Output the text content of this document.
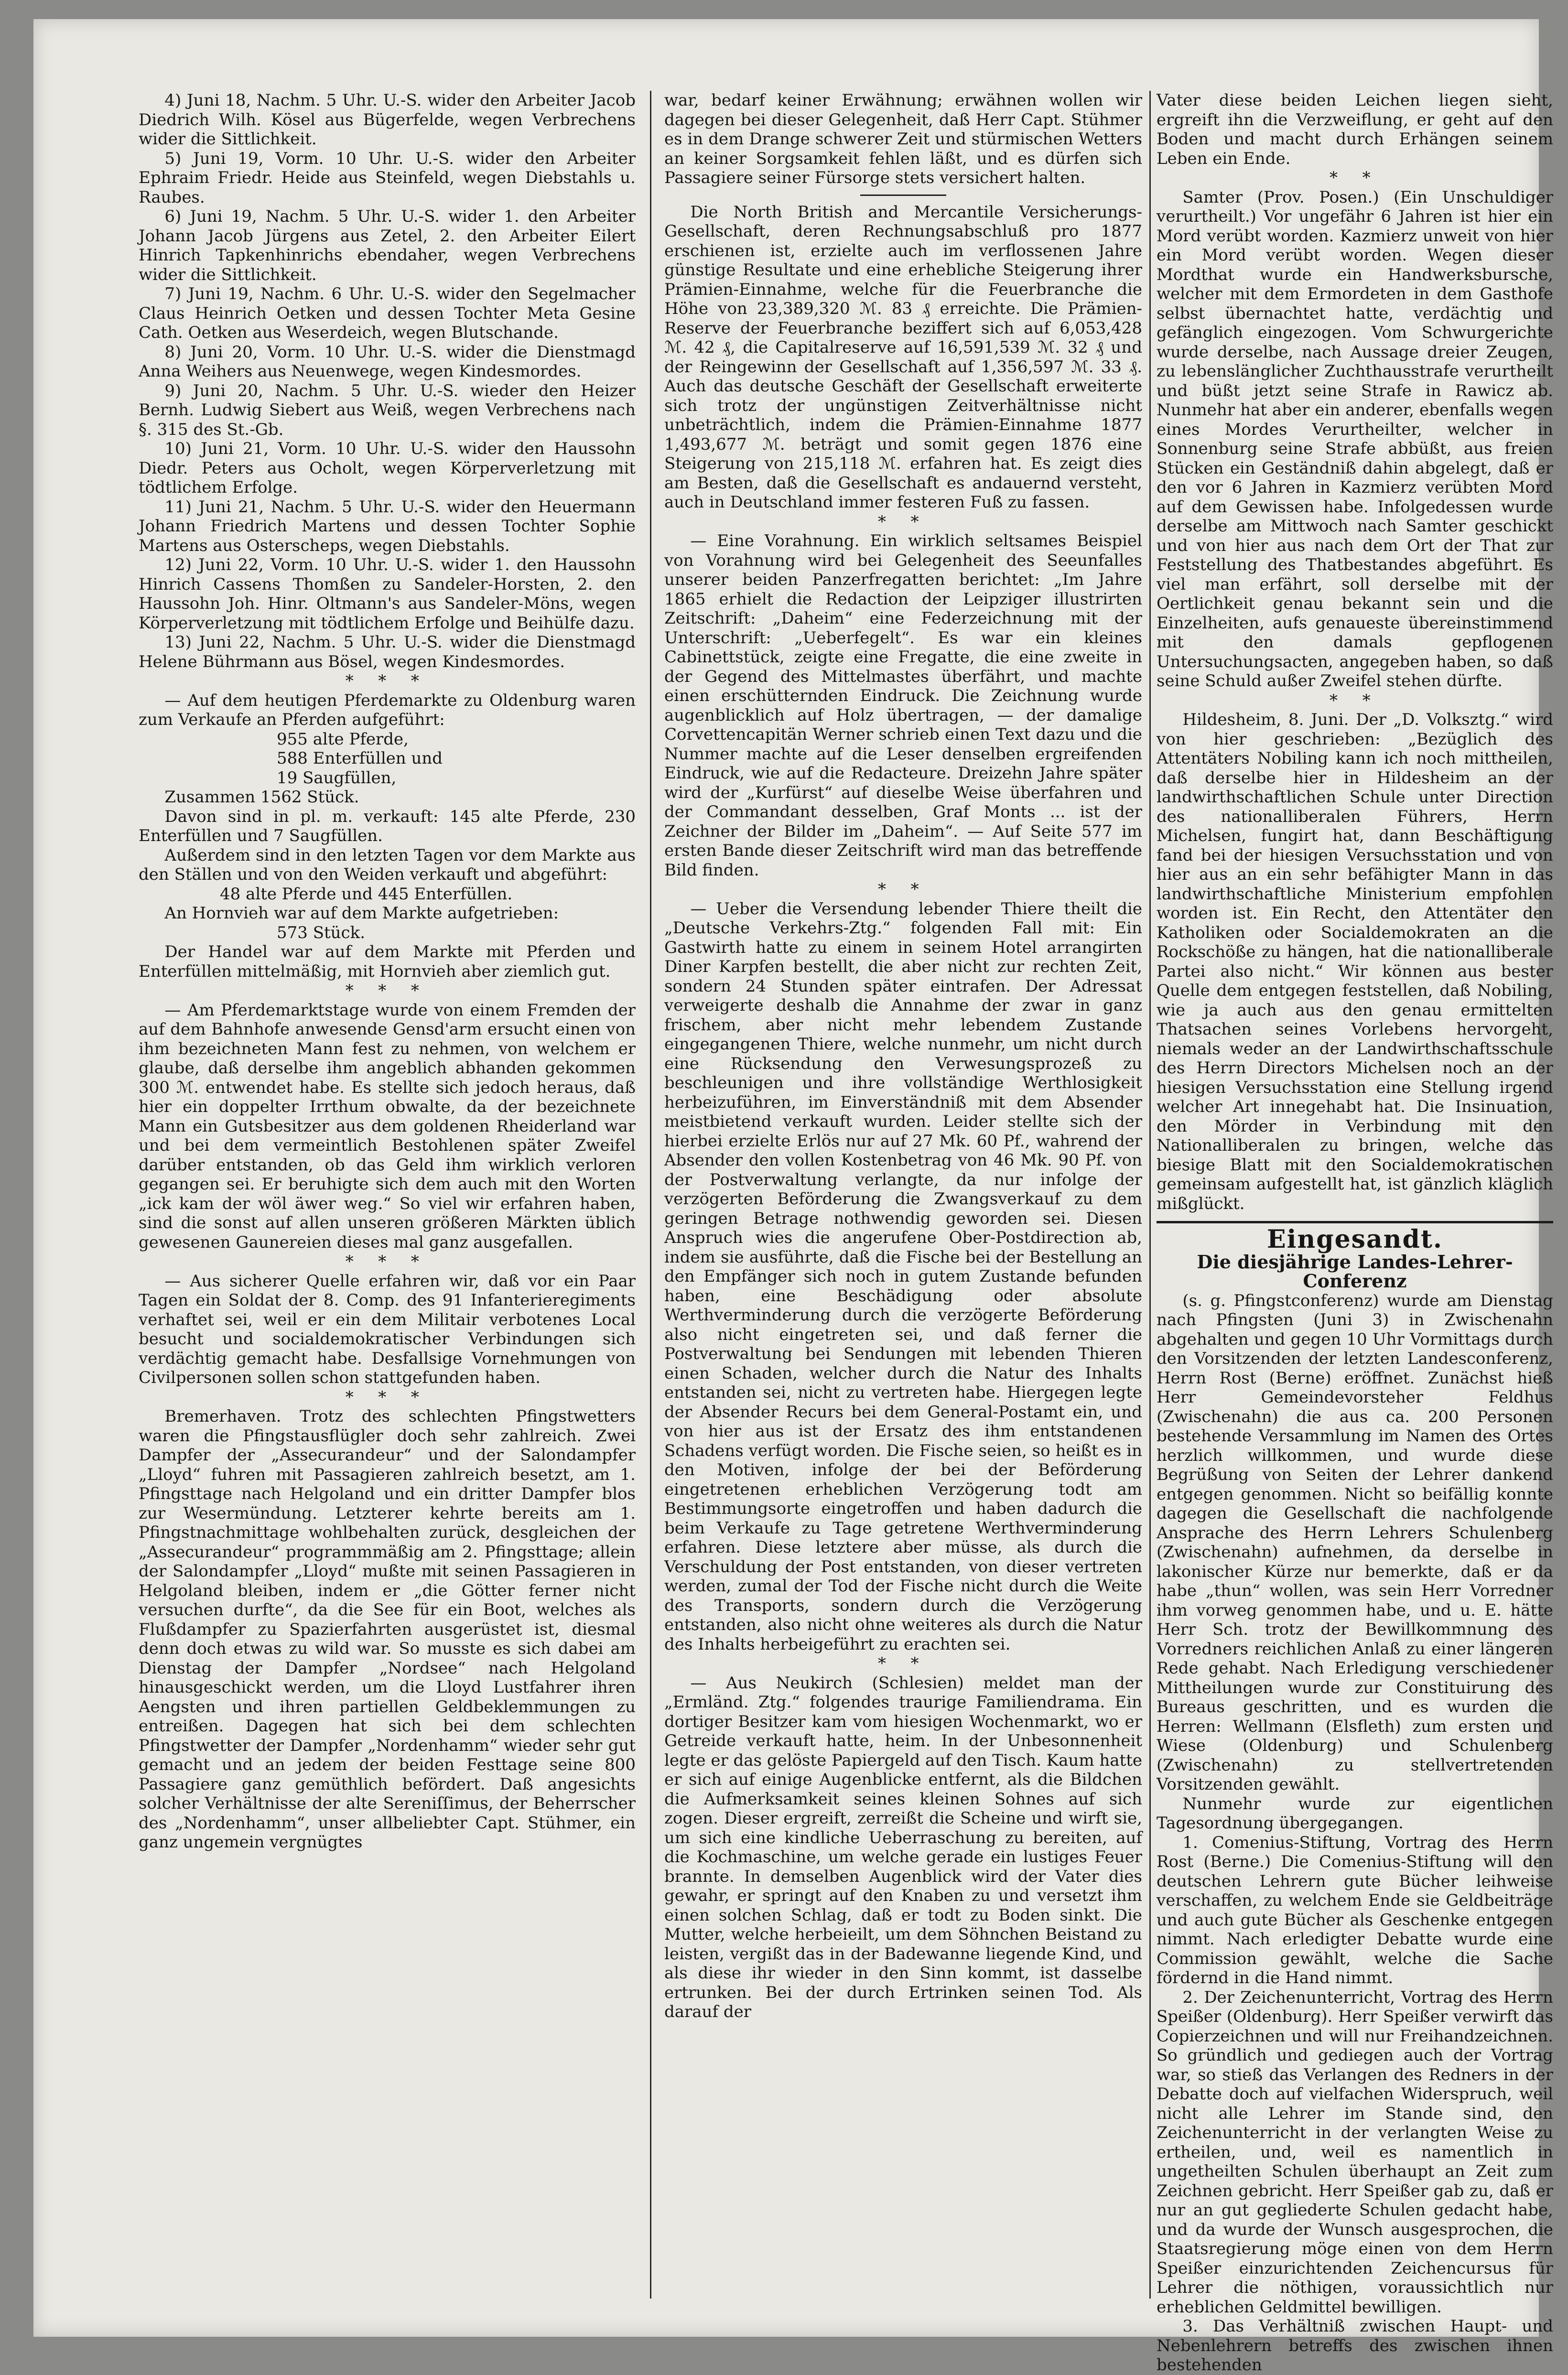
4) Juni 18, Nachm. 5 Uhr. U.-S. wider den Arbeiter Jacob Diedrich Wilh. Kösel aus Bügerfelde, wegen Verbrechens wider die Sittlichkeit.

5) Juni 19, Vorm. 10 Uhr. U.-S. wider den Arbeiter Ephraim Friedr. Heide aus Steinfeld, wegen Diebstahls u. Raubes.

6) Juni 19, Nachm. 5 Uhr. U.-S. wider 1. den Arbeiter Johann Jacob Jürgens aus Zetel, 2. den Arbeiter Eilert Hinrich Tapkenhinrichs ebendaher, wegen Verbrechens wider die Sittlichkeit.

7) Juni 19, Nachm. 6 Uhr. U.-S. wider den Segelmacher Claus Heinrich Oetken und dessen Tochter Meta Gesine Cath. Oetken aus Weserdeich, wegen Blutschande.

8) Juni 20, Vorm. 10 Uhr. U.-S. wider die Dienstmagd Anna Weihers aus Neuenwege, wegen Kindesmordes.

9) Juni 20, Nachm. 5 Uhr. U.-S. wieder den Heizer Bernh. Ludwig Siebert aus Weiß, wegen Verbrechens nach §. 315 des St.-Gb.

10) Juni 21, Vorm. 10 Uhr. U.-S. wider den Haussohn Diedr. Peters aus Ocholt, wegen Körperverletzung mit tödtlichem Erfolge.

11) Juni 21, Nachm. 5 Uhr. U.-S. wider den Heuermann Johann Friedrich Martens und dessen Tochter Sophie Martens aus Osterscheps, wegen Diebstahls.

12) Juni 22, Vorm. 10 Uhr. U.-S. wider 1. den Haussohn Hinrich Cassens Thomßen zu Sandeler-Horsten, 2. den Haussohn Joh. Hinr. Oltmann's aus Sandeler-Möns, wegen Körperverletzung mit tödtlichem Erfolge und Beihülfe dazu.

13) Juni 22, Nachm. 5 Uhr. U.-S. wider die Dienstmagd Helene Bührmann aus Bösel, wegen Kindesmordes.

* * *

— Auf dem heutigen Pferdemarkte zu Oldenburg waren zum Verkaufe an Pferden aufgeführt:

955 alte Pferde,

588 Enterfüllen und

19 Saugfüllen,

Zusammen 1562 Stück.

Davon sind in pl. m. verkauft: 145 alte Pferde, 230 Enterfüllen und 7 Saugfüllen.

Außerdem sind in den letzten Tagen vor dem Markte aus den Ställen und von den Weiden verkauft und abgeführt:

48 alte Pferde und 445 Enterfüllen.

An Hornvieh war auf dem Markte aufgetrieben:

573 Stück.

Der Handel war auf dem Markte mit Pferden und Enterfüllen mittelmäßig, mit Hornvieh aber ziemlich gut.

* * *

— Am Pferdemarktstage wurde von einem Fremden der auf dem Bahnhofe anwesende Gensd'arm ersucht einen von ihm bezeichneten Mann fest zu nehmen, von welchem er glaube, daß derselbe ihm angeblich abhanden gekommen 300 ℳ. entwendet habe. Es stellte sich jedoch heraus, daß hier ein doppelter Irrthum obwalte, da der bezeichnete Mann ein Gutsbesitzer aus dem goldenen Rheiderland war und bei dem vermeintlich Bestohlenen später Zweifel darüber entstanden, ob das Geld ihm wirklich verloren gegangen sei. Er beruhigte sich dem auch mit den Worten „ick kam der wöl äwer weg.“ So viel wir erfahren haben, sind die sonst auf allen unseren größeren Märkten üblich gewesenen Gaunereien dieses mal ganz ausgefallen.

* * *

— Aus sicherer Quelle erfahren wir, daß vor ein Paar Tagen ein Soldat der 8. Comp. des 91 Infanterieregiments verhaftet sei, weil er ein dem Militair verbotenes Local besucht und socialdemokratischer Verbindungen sich verdächtig gemacht habe. Desfallsige Vornehmungen von Civilpersonen sollen schon stattgefunden haben.

* * *

Bremerhaven. Trotz des schlechten Pfingstwetters waren die Pfingstausflügler doch sehr zahlreich. Zwei Dampfer der „Assecurandeur“ und der Salondampfer „Lloyd“ fuhren mit Passagieren zahlreich besetzt, am 1. Pfingsttage nach Helgoland und ein dritter Dampfer blos zur Wesermündung. Letzterer kehrte bereits am 1. Pfingstnachmittage wohlbehalten zurück, desgleichen der „Assecurandeur“ programmmäßig am 2. Pfingsttage; allein der Salondampfer „Lloyd“ mußte mit seinen Passagieren in Helgoland bleiben, indem er „die Götter ferner nicht versuchen durfte“, da die See für ein Boot, welches als Flußdampfer zu Spazierfahrten ausgerüstet ist, diesmal denn doch etwas zu wild war. So musste es sich dabei am Dienstag der Dampfer „Nordsee“ nach Helgoland hinausgeschickt werden, um die Lloyd Lustfahrer ihren Aengsten und ihren partiellen Geldbeklemmungen zu entreißen. Dagegen hat sich bei dem schlechten Pfingstwetter der Dampfer „Nordenhamm“ wieder sehr gut gemacht und an jedem der beiden Festtage seine 800 Passagiere ganz gemüthlich befördert. Daß angesichts solcher Verhältnisse der alte Sereniſſimus, der Beherrscher des „Nordenhamm“, unser allbeliebter Capt. Stühmer, ein ganz ungemein vergnügtes

war, bedarf keiner Erwähnung; erwähnen wollen wir dagegen bei dieser Gelegenheit, daß Herr Capt. Stühmer es in dem Drange schwerer Zeit und stürmischen Wetters an keiner Sorgsamkeit fehlen läßt, und es dürfen sich Passagiere seiner Fürsorge stets versichert halten.

Die North British and Mercantile Versicherungs-Gesellschaft, deren Rechnungsabschluß pro 1877 erschienen ist, erzielte auch im verflossenen Jahre günstige Resultate und eine erhebliche Steigerung ihrer Prämien-Einnahme, welche für die Feuerbranche die Höhe von 23,389,320 ℳ. 83 ₰ erreichte. Die Prämien-Reserve der Feuerbranche beziffert sich auf 6,053,428 ℳ. 42 ₰, die Capitalreserve auf 16,591,539 ℳ. 32 ₰ und der Reingewinn der Gesellschaft auf 1,356,597 ℳ. 33 ₰. Auch das deutsche Geschäft der Gesellschaft erweiterte sich trotz der ungünstigen Zeitverhältnisse nicht unbeträchtlich, indem die Prämien-Einnahme 1877 1,493,677 ℳ. beträgt und somit gegen 1876 eine Steigerung von 215,118 ℳ. erfahren hat. Es zeigt dies am Besten, daß die Gesellschaft es andauernd versteht, auch in Deutschland immer festeren Fuß zu fassen.

* *

— Eine Vorahnung. Ein wirklich seltsames Beispiel von Vorahnung wird bei Gelegenheit des Seeunfalles unserer beiden Panzerfregatten berichtet: „Im Jahre 1865 erhielt die Redaction der Leipziger illustrirten Zeitschrift: „Daheim“ eine Federzeichnung mit der Unterschrift: „Ueberfegelt“. Es war ein kleines Cabinettstück, zeigte eine Fregatte, die eine zweite in der Gegend des Mittelmastes überfährt, und machte einen erschütternden Eindruck. Die Zeichnung wurde augenblicklich auf Holz übertragen, — der damalige Corvettencapitän Werner schrieb einen Text dazu und die Nummer machte auf die Leser denselben ergreifenden Eindruck, wie auf die Redacteure. Dreizehn Jahre später wird der „Kurfürst“ auf dieselbe Weise überfahren und der Commandant desselben, Graf Monts ... ist der Zeichner der Bilder im „Daheim“. — Auf Seite 577 im ersten Bande dieser Zeitschrift wird man das betreffende Bild finden.

* *

— Ueber die Versendung lebender Thiere theilt die „Deutsche Verkehrs-Ztg.“ folgenden Fall mit: Ein Gastwirth hatte zu einem in seinem Hotel arrangirten Diner Karpfen bestellt, die aber nicht zur rechten Zeit, sondern 24 Stunden später eintrafen. Der Adressat verweigerte deshalb die Annahme der zwar in ganz frischem, aber nicht mehr lebendem Zustande eingegangenen Thiere, welche nunmehr, um nicht durch eine Rücksendung den Verwesungsprozeß zu beschleunigen und ihre vollständige Werthlosigkeit herbeizuführen, im Einverständniß mit dem Absender meistbietend verkauft wurden. Leider stellte sich der hierbei erzielte Erlös nur auf 27 Mk. 60 Pf., wahrend der Absender den vollen Kostenbetrag von 46 Mk. 90 Pf. von der Postverwaltung verlangte, da nur infolge der verzögerten Beförderung die Zwangsverkauf zu dem geringen Betrage nothwendig geworden sei. Diesen Anspruch wies die angerufene Ober-Postdirection ab, indem sie ausführte, daß die Fische bei der Bestellung an den Empfänger sich noch in gutem Zustande befunden haben, eine Beschädigung oder absolute Werthverminderung durch die verzögerte Beförderung also nicht eingetreten sei, und daß ferner die Postverwaltung bei Sendungen mit lebenden Thieren einen Schaden, welcher durch die Natur des Inhalts entstanden sei, nicht zu vertreten habe. Hiergegen legte der Absender Recurs bei dem General-Postamt ein, und von hier aus ist der Ersatz des ihm entstandenen Schadens verfügt worden. Die Fische seien, so heißt es in den Motiven, infolge der bei der Beförderung eingetretenen erheblichen Verzögerung todt am Bestimmungsorte eingetroffen und haben dadurch die beim Verkaufe zu Tage getretene Werthverminderung erfahren. Diese letztere aber müsse, als durch die Verschuldung der Post entstanden, von dieser vertreten werden, zumal der Tod der Fische nicht durch die Weite des Transports, sondern durch die Verzögerung entstanden, also nicht ohne weiteres als durch die Natur des Inhalts herbeigeführt zu erachten sei.

* *

— Aus Neukirch (Schlesien) meldet man der „Ermländ. Ztg.“ folgendes traurige Familiendrama. Ein dortiger Besitzer kam vom hiesigen Wochenmarkt, wo er Getreide verkauft hatte, heim. In der Unbesonnenheit legte er das gelöste Papiergeld auf den Tisch. Kaum hatte er sich auf einige Augenblicke entfernt, als die Bildchen die Aufmerksamkeit seines kleinen Sohnes auf sich zogen. Dieser ergreift, zerreißt die Scheine und wirft sie, um sich eine kindliche Ueberraschung zu bereiten, auf die Kochmaschine, um welche gerade ein lustiges Feuer brannte. In demselben Augenblick wird der Vater dies gewahr, er springt auf den Knaben zu und versetzt ihm einen solchen Schlag, daß er todt zu Boden sinkt. Die Mutter, welche herbeieilt, um dem Söhnchen Beistand zu leisten, vergißt das in der Badewanne liegende Kind, und als diese ihr wieder in den Sinn kommt, ist dasselbe ertrunken. Bei der durch Ertrinken seinen Tod. Als darauf der

Vater diese beiden Leichen liegen sieht, ergreift ihn die Verzweiflung, er geht auf den Boden und macht durch Erhängen seinem Leben ein Ende.

* *

Samter (Prov. Posen.) (Ein Unschuldiger verurtheilt.) Vor ungefähr 6 Jahren ist hier ein Mord verübt worden. Kazmierz unweit von hier ein Mord verübt worden. Wegen dieser Mordthat wurde ein Handwerksbursche, welcher mit dem Ermordeten in dem Gasthofe selbst übernachtet hatte, verdächtig und gefänglich eingezogen. Vom Schwurgerichte wurde derselbe, nach Aussage dreier Zeugen, zu lebenslänglicher Zuchthausstrafe verurtheilt und büßt jetzt seine Strafe in Rawicz ab. Nunmehr hat aber ein anderer, ebenfalls wegen eines Mordes Verurtheilter, welcher in Sonnenburg seine Strafe abbüßt, aus freien Stücken ein Geständniß dahin abgelegt, daß er den vor 6 Jahren in Kazmierz verübten Mord auf dem Gewissen habe. Infolgedessen wurde derselbe am Mittwoch nach Samter geschickt und von hier aus nach dem Ort der That zur Feststellung des Thatbestandes abgeführt. Es viel man erfährt, soll derselbe mit der Oertlichkeit genau bekannt sein und die Einzelheiten, aufs genaueste übereinstimmend mit den damals gepflogenen Untersuchungsacten, angegeben haben, so daß seine Schuld außer Zweifel stehen dürfte.

* *

Hildesheim, 8. Juni. Der „D. Volksztg.“ wird von hier geschrieben: „Bezüglich des Attentäters Nobiling kann ich noch mittheilen, daß derselbe hier in Hildesheim an der landwirthschaftlichen Schule unter Direction des nationalliberalen Führers, Herrn Michelsen, fungirt hat, dann Beschäftigung fand bei der hiesigen Versuchsstation und von hier aus an ein sehr befähigter Mann in das landwirthschaftliche Ministerium empfohlen worden ist. Ein Recht, den Attentäter den Katholiken oder Socialdemokraten an die Rockschöße zu hängen, hat die nationalliberale Partei also nicht.“ Wir können aus bester Quelle dem entgegen feststellen, daß Nobiling, wie ja auch aus den genau ermittelten Thatsachen seines Vorlebens hervorgeht, niemals weder an der Landwirthschaftsschule des Herrn Directors Michelsen noch an der hiesigen Versuchsstation eine Stellung irgend welcher Art innegehabt hat. Die Insinuation, den Mörder in Verbindung mit den Nationalliberalen zu bringen, welche das biesige Blatt mit den Socialdemokratischen gemeinsam aufgestellt hat, ist gänzlich kläglich mißglückt.

Eingesandt.

Die diesjährige Landes-Lehrer-Conferenz

(s. g. Pfingstconferenz) wurde am Dienstag nach Pfingsten (Juni 3) in Zwischenahn abgehalten und gegen 10 Uhr Vormittags durch den Vorsitzenden der letzten Landesconferenz, Herrn Rost (Berne) eröffnet. Zunächst hieß Herr Gemeindevorsteher Feldhus (Zwischenahn) die aus ca. 200 Personen bestehende Versammlung im Namen des Ortes herzlich willkommen, und wurde diese Begrüßung von Seiten der Lehrer dankend entgegen genommen. Nicht so beifällig konnte dagegen die Gesellschaft die nachfolgende Ansprache des Herrn Lehrers Schulenberg (Zwischenahn) aufnehmen, da derselbe in lakonischer Kürze nur bemerkte, daß er da habe „thun“ wollen, was sein Herr Vorredner ihm vorweg genommen habe, und u. E. hätte Herr Sch. trotz der Bewillkommnung des Vorredners reichlichen Anlaß zu einer längeren Rede gehabt. Nach Erledigung verschiedener Mittheilungen wurde zur Constituirung des Bureaus geschritten, und es wurden die Herren: Wellmann (Elsfleth) zum ersten und Wiese (Oldenburg) und Schulenberg (Zwischenahn) zu stellvertretenden Vorsitzenden gewählt.

Nunmehr wurde zur eigentlichen Tagesordnung übergegangen.

1. Comenius-Stiftung, Vortrag des Herrn Rost (Berne.) Die Comenius-Stiftung will den deutschen Lehrern gute Bücher leihweise verschaffen, zu welchem Ende sie Geldbeiträge und auch gute Bücher als Geschenke entgegen nimmt. Nach erledigter Debatte wurde eine Commission gewählt, welche die Sache fördernd in die Hand nimmt.

2. Der Zeichenunterricht, Vortrag des Herrn Speißer (Oldenburg). Herr Speißer verwirft das Copierzeichnen und will nur Freihandzeichnen. So gründlich und gediegen auch der Vortrag war, so stieß das Verlangen des Redners in der Debatte doch auf vielfachen Widerspruch, weil nicht alle Lehrer im Stande sind, den Zeichenunterricht in der verlangten Weise zu ertheilen, und, weil es namentlich in ungetheilten Schulen überhaupt an Zeit zum Zeichnen gebricht. Herr Speißer gab zu, daß er nur an gut gegliederte Schulen gedacht habe, und da wurde der Wunsch ausgesprochen, die Staatsregierung möge einen von dem Herrn Speißer einzurichtenden Zeichencursus für Lehrer die nöthigen, voraussichtlich nur erheblichen Geldmittel bewilligen.

3. Das Verhältniß zwischen Haupt- und Nebenlehrern betreffs des zwischen ihnen bestehenden
